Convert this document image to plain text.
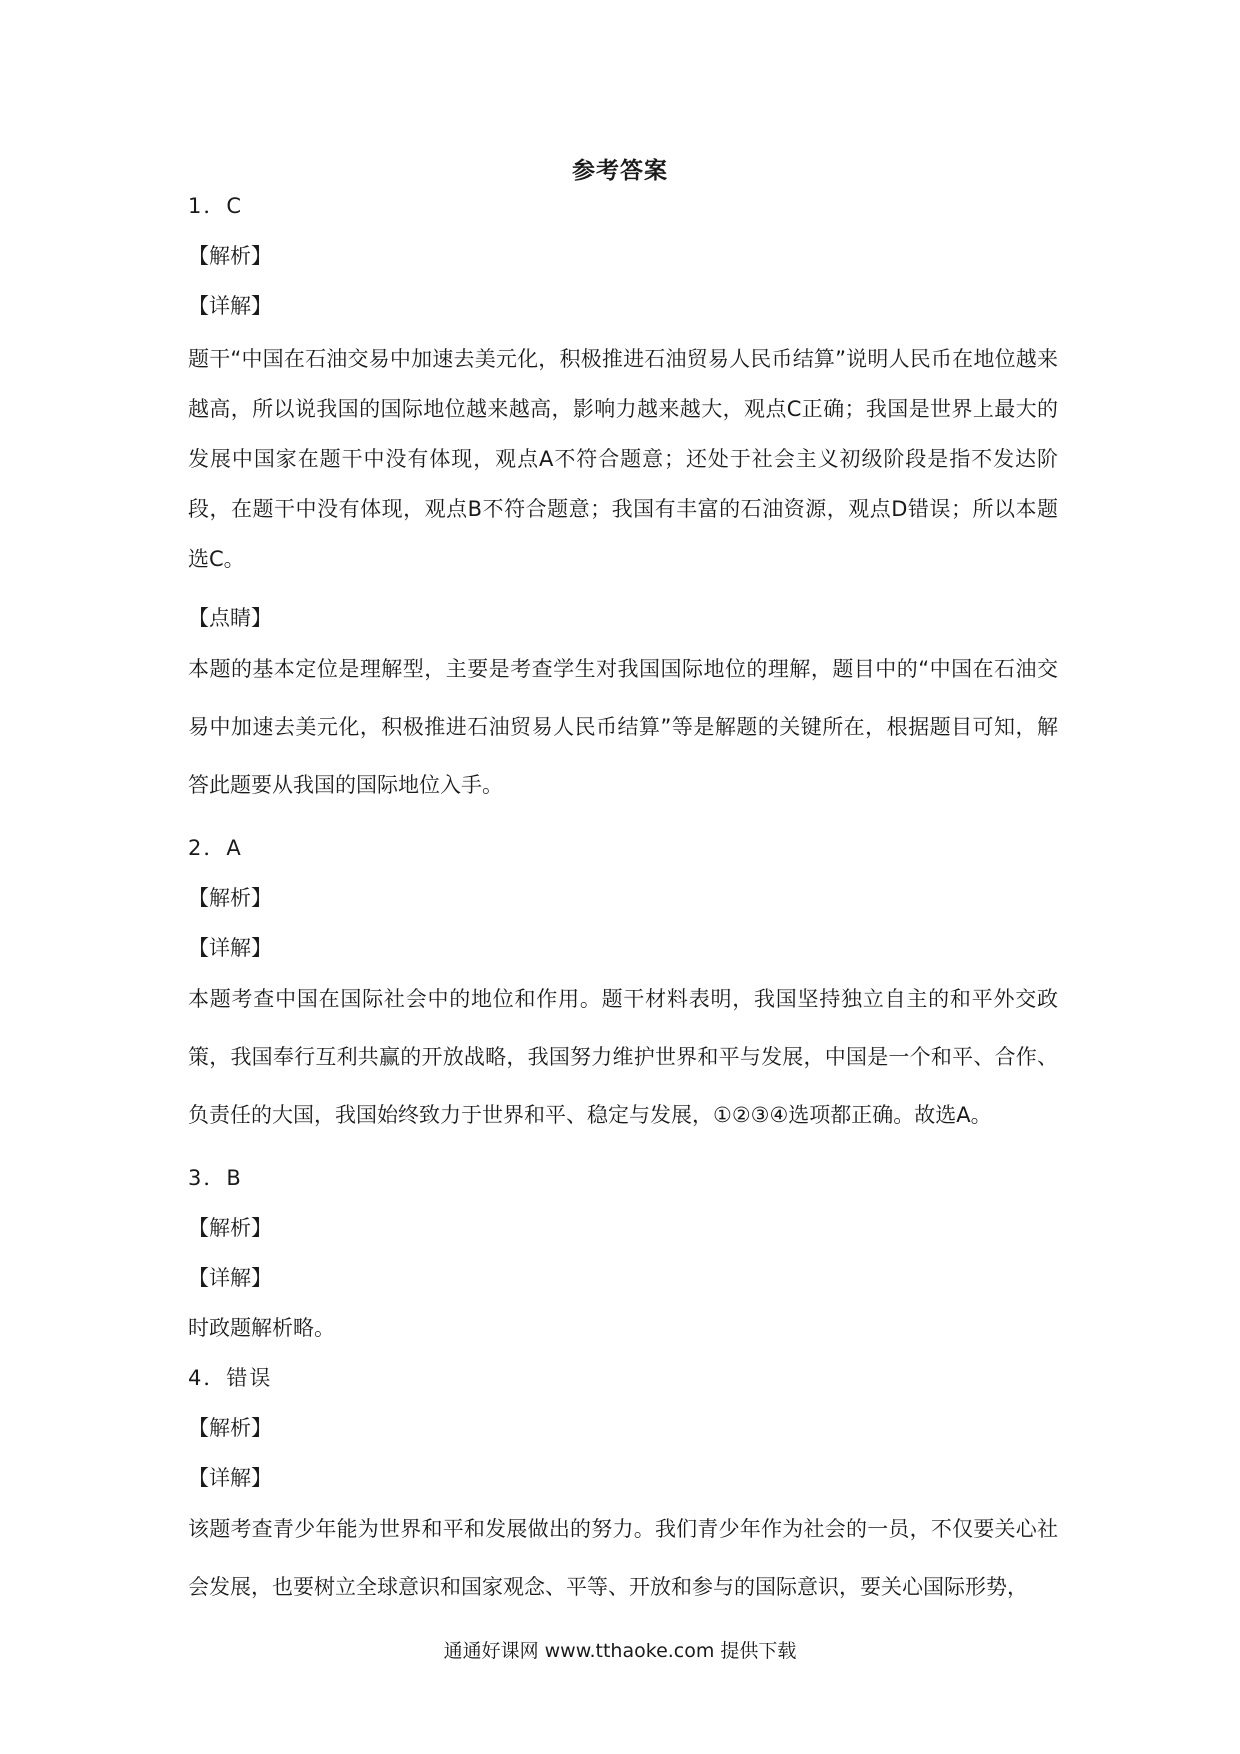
参考答案
1．C
【解析】
【详解】

题干“中国在石油交易中加速去美元化，积极推进石油贸易人民币结算”说明人民币在地位越来越高，所以说我国的国际地位越来越高，影响力越来越大，观点C正确；我国是世界上最大的发展中国家在题干中没有体现，观点A不符合题意；还处于社会主义初级阶段是指不发达阶段，在题干中没有体现，观点B不符合题意；我国有丰富的石油资源，观点D错误；所以本题选C。

【点睛】

本题的基本定位是理解型，主要是考查学生对我国国际地位的理解，题目中的“中国在石油交易中加速去美元化，积极推进石油贸易人民币结算”等是解题的关键所在，根据题目可知，解答此题要从我国的国际地位入手。

2．A
【解析】
【详解】

本题考查中国在国际社会中的地位和作用。题干材料表明，我国坚持独立自主的和平外交政策，我国奉行互利共赢的开放战略，我国努力维护世界和平与发展，中国是一个和平、合作、负责任的大国，我国始终致力于世界和平、稳定与发展，①②③④选项都正确。故选A。

3．B
【解析】
【详解】
时政题解析略。
4．错误
【解析】
【详解】

该题考查青少年能为世界和平和发展做出的努力。我们青少年作为社会的一员，不仅要关心社会发展，也要树立全球意识和国家观念、平等、开放和参与的国际意识，要关心国际形势，

通通好课网 www.tthaoke.com 提供下载
